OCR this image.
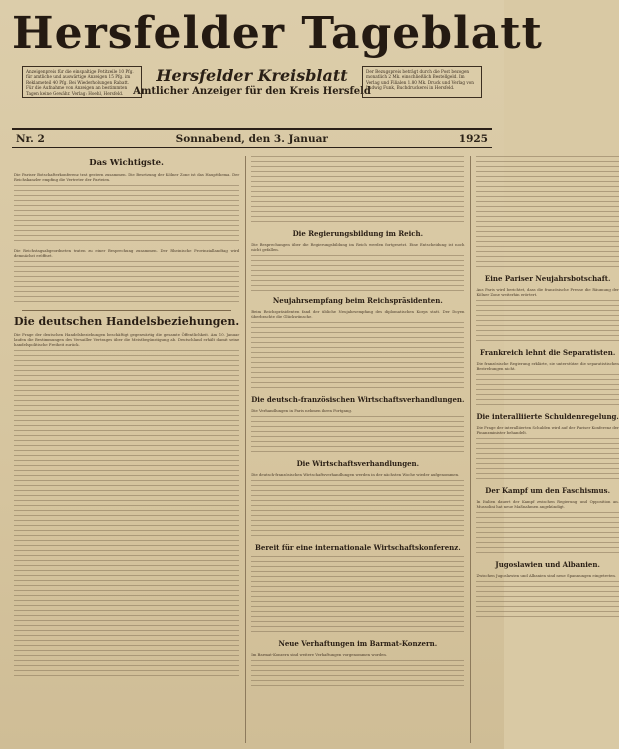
Hersfelder Tageblatt
Anzeigenpreis für die einspaltige Petitzeile 10 Pfg. für amtliche und auswärtige Anzeigen 15 Pfg. im Reklameteil 40 Pfg. Bei Wiederholungen Rabatt. Für die Aufnahme von Anzeigen an bestimmten Tagen keine Gewähr. Verlag: Hoehl, Hersfeld.
Hersfelder Kreisblatt
Amtlicher Anzeiger für den Kreis Hersfeld
Der Bezugspreis beträgt durch die Post bezogen monatlich 2 Mk. einschließlich Bestellgeld. Im Verlag und Filialen 1.80 Mk. Druck und Verlag von Ludwig Funk, Buchdruckerei in Hersfeld.
Nr. 2	Sonnabend, den 3. Januar	1925
Das Wichtigste.

Die Pariser Botschafterkonferenz trat gestern zusammen. Die Besetzung der Kölner Zone ist das Hauptthema. Der Reichskanzler empfing die Vertreter der Parteien.

Die Reichstagsabgeordneten traten zu einer Besprechung zusammen. Der Rheinische Provinziallandtag wird demnächst eröffnet.

Die deutschen Handelsbeziehungen.

Die Frage der deutschen Handelsbeziehungen beschäftigt gegenwärtig die gesamte Öffentlichkeit. Am 10. Januar laufen die Bestimmungen des Versailler Vertrages über die Meistbegünstigung ab. Deutschland erhält damit seine handelspolitische Freiheit zurück.

Die Regierungsbildung im Reich.

Die Besprechungen über die Regierungsbildung im Reich werden fortgesetzt. Eine Entscheidung ist noch nicht gefallen.

Neujahrsempfang beim Reichspräsidenten.

Beim Reichspräsidenten fand der übliche Neujahrsempfang des diplomatischen Korps statt. Der Doyen überbrachte die Glückwünsche.

Die deutsch-französischen Wirtschaftsverhandlungen.

Die Verhandlungen in Paris nehmen ihren Fortgang.

Die Wirtschaftsverhandlungen.

Die deutsch-französischen Wirtschaftsverhandlungen werden in der nächsten Woche wieder aufgenommen.

Bereit für eine internationale Wirtschaftskonferenz.
Neue Verhaftungen im Barmat-Konzern.

Im Barmat-Konzern sind weitere Verhaftungen vorgenommen worden.

Eine Pariser Neujahrsbotschaft.

Aus Paris wird berichtet, dass die französische Presse die Räumung der Kölner Zone weiterhin erörtert.

Frankreich lehnt die Separatisten.

Die französische Regierung erklärte, sie unterstütze die separatistischen Bestrebungen nicht.

Die interalliierte Schuldenregelung.

Die Frage der interalliierten Schulden wird auf der Pariser Konferenz der Finanzminister behandelt.

Der Kampf um den Faschismus.

In Italien dauert der Kampf zwischen Regierung und Opposition an. Mussolini hat neue Maßnahmen angekündigt.

Jugoslawien und Albanien.

Zwischen Jugoslawien und Albanien sind neue Spannungen eingetreten.
